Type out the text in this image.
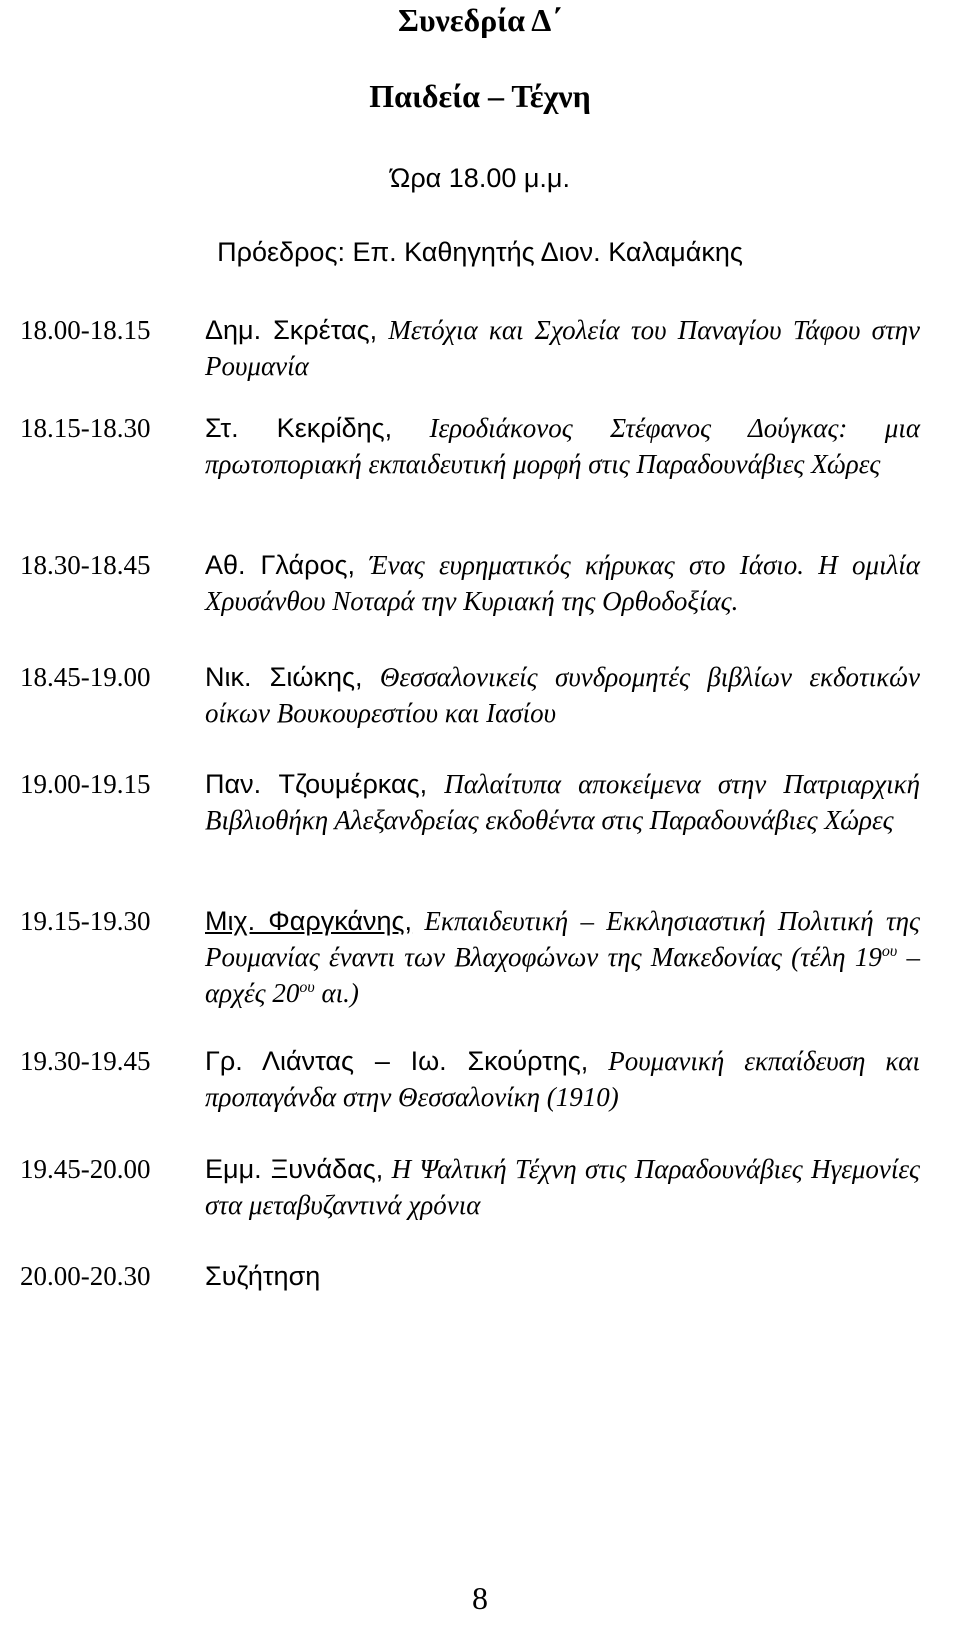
Συνεδρία Δ΄
Παιδεία – Τέχνη
Ώρα 18.00 μ.μ.
Πρόεδρος: Επ. Καθηγητής Διον. Καλαμάκης
18.00-18.15 Δημ. Σκρέτας, Μετόχια και Σχολεία του Παναγίου Τάφου στην Ρουμανία
18.15-18.30 Στ. Κεκρίδης, Ιεροδιάκονος Στέφανος Δούγκας: μια πρωτοποριακή εκπαιδευτική μορφή στις Παραδουνάβιες Χώρες
18.30-18.45 Αθ. Γλάρος, Ένας ευρηματικός κήρυκας στο Ιάσιο. Η ομιλία Χρυσάνθου Νοταρά την Κυριακή της Ορθοδοξίας.
18.45-19.00 Νικ. Σιώκης, Θεσσαλονικείς συνδρομητές βιβλίων εκδοτικών οίκων Βουκουρεστίου και Ιασίου
19.00-19.15 Παν. Τζουμέρκας, Παλαίτυπα αποκείμενα στην Πατριαρχική Βιβλιοθήκη Αλεξανδρείας εκδοθέντα στις Παραδουνάβιες Χώρες
19.15-19.30 Μιχ. Φαργκάνης, Εκπαιδευτική – Εκκλησιαστική Πολιτική της Ρουμανίας έναντι των Βλαχοφώνων της Μακεδονίας (τέλη $19^{o\upsilon}$ – αρχές $20^{o\upsilon}$ αι.)
19.30-19.45 Γρ. Λιάντας – Ιω. Σκούρτης, Ρουμανική εκπαίδευση και προπαγάνδα στην Θεσσαλονίκη (1910)
19.45-20.00 Εμμ. Ξυνάδας, Η Ψαλτική Τέχνη στις Παραδουνάβιες Ηγεμονίες στα μεταβυζαντινά χρόνια
20.00-20.30 Συζήτηση
8
